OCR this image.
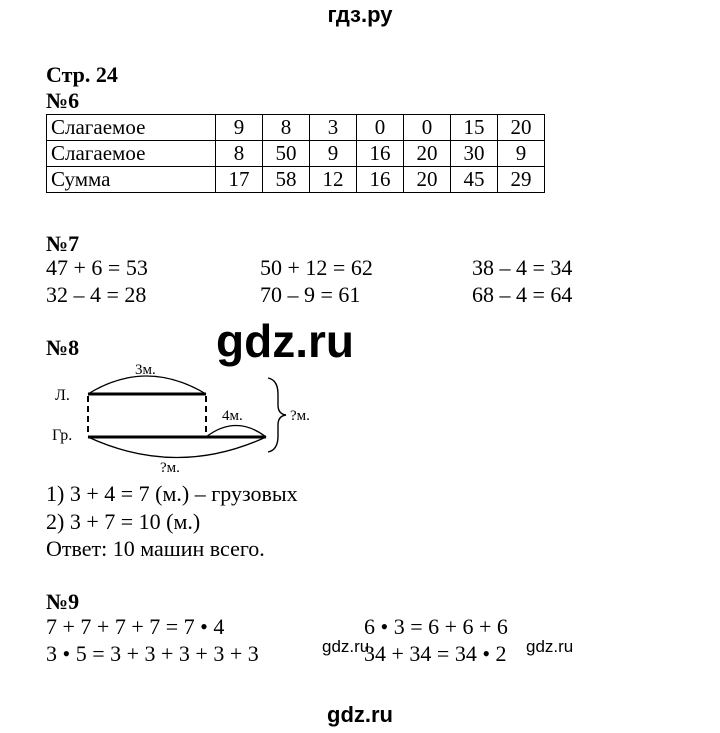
гдз.ру
Стр. 24
№6
Слагаемое	9	8	3	0	0	15	20
Слагаемое	8	50	9	16	20	30	9
Сумма	17	58	12	16	20	45	29
№7
47 + 6 = 53	50 + 12 = 62	38 – 4 = 34
32 – 4 = 28	70 – 9 = 61	68 – 4 = 64
№8
Л.
Гр.
3м.
4м.	?м.
?м.
1) 3 + 4 = 7 (м.) – грузовых
2) 3 + 7 = 10 (м.)
Ответ: 10 машин всего.
№9
7 + 7 + 7 + 7 = 7 • 4	6 • 3 = 6 + 6 + 6
3 • 5 = 3 + 3 + 3 + 3 + 3	34 + 34 = 34 • 2
gdz.ru
gdz.ru	gdz.ru
gdz.ru
